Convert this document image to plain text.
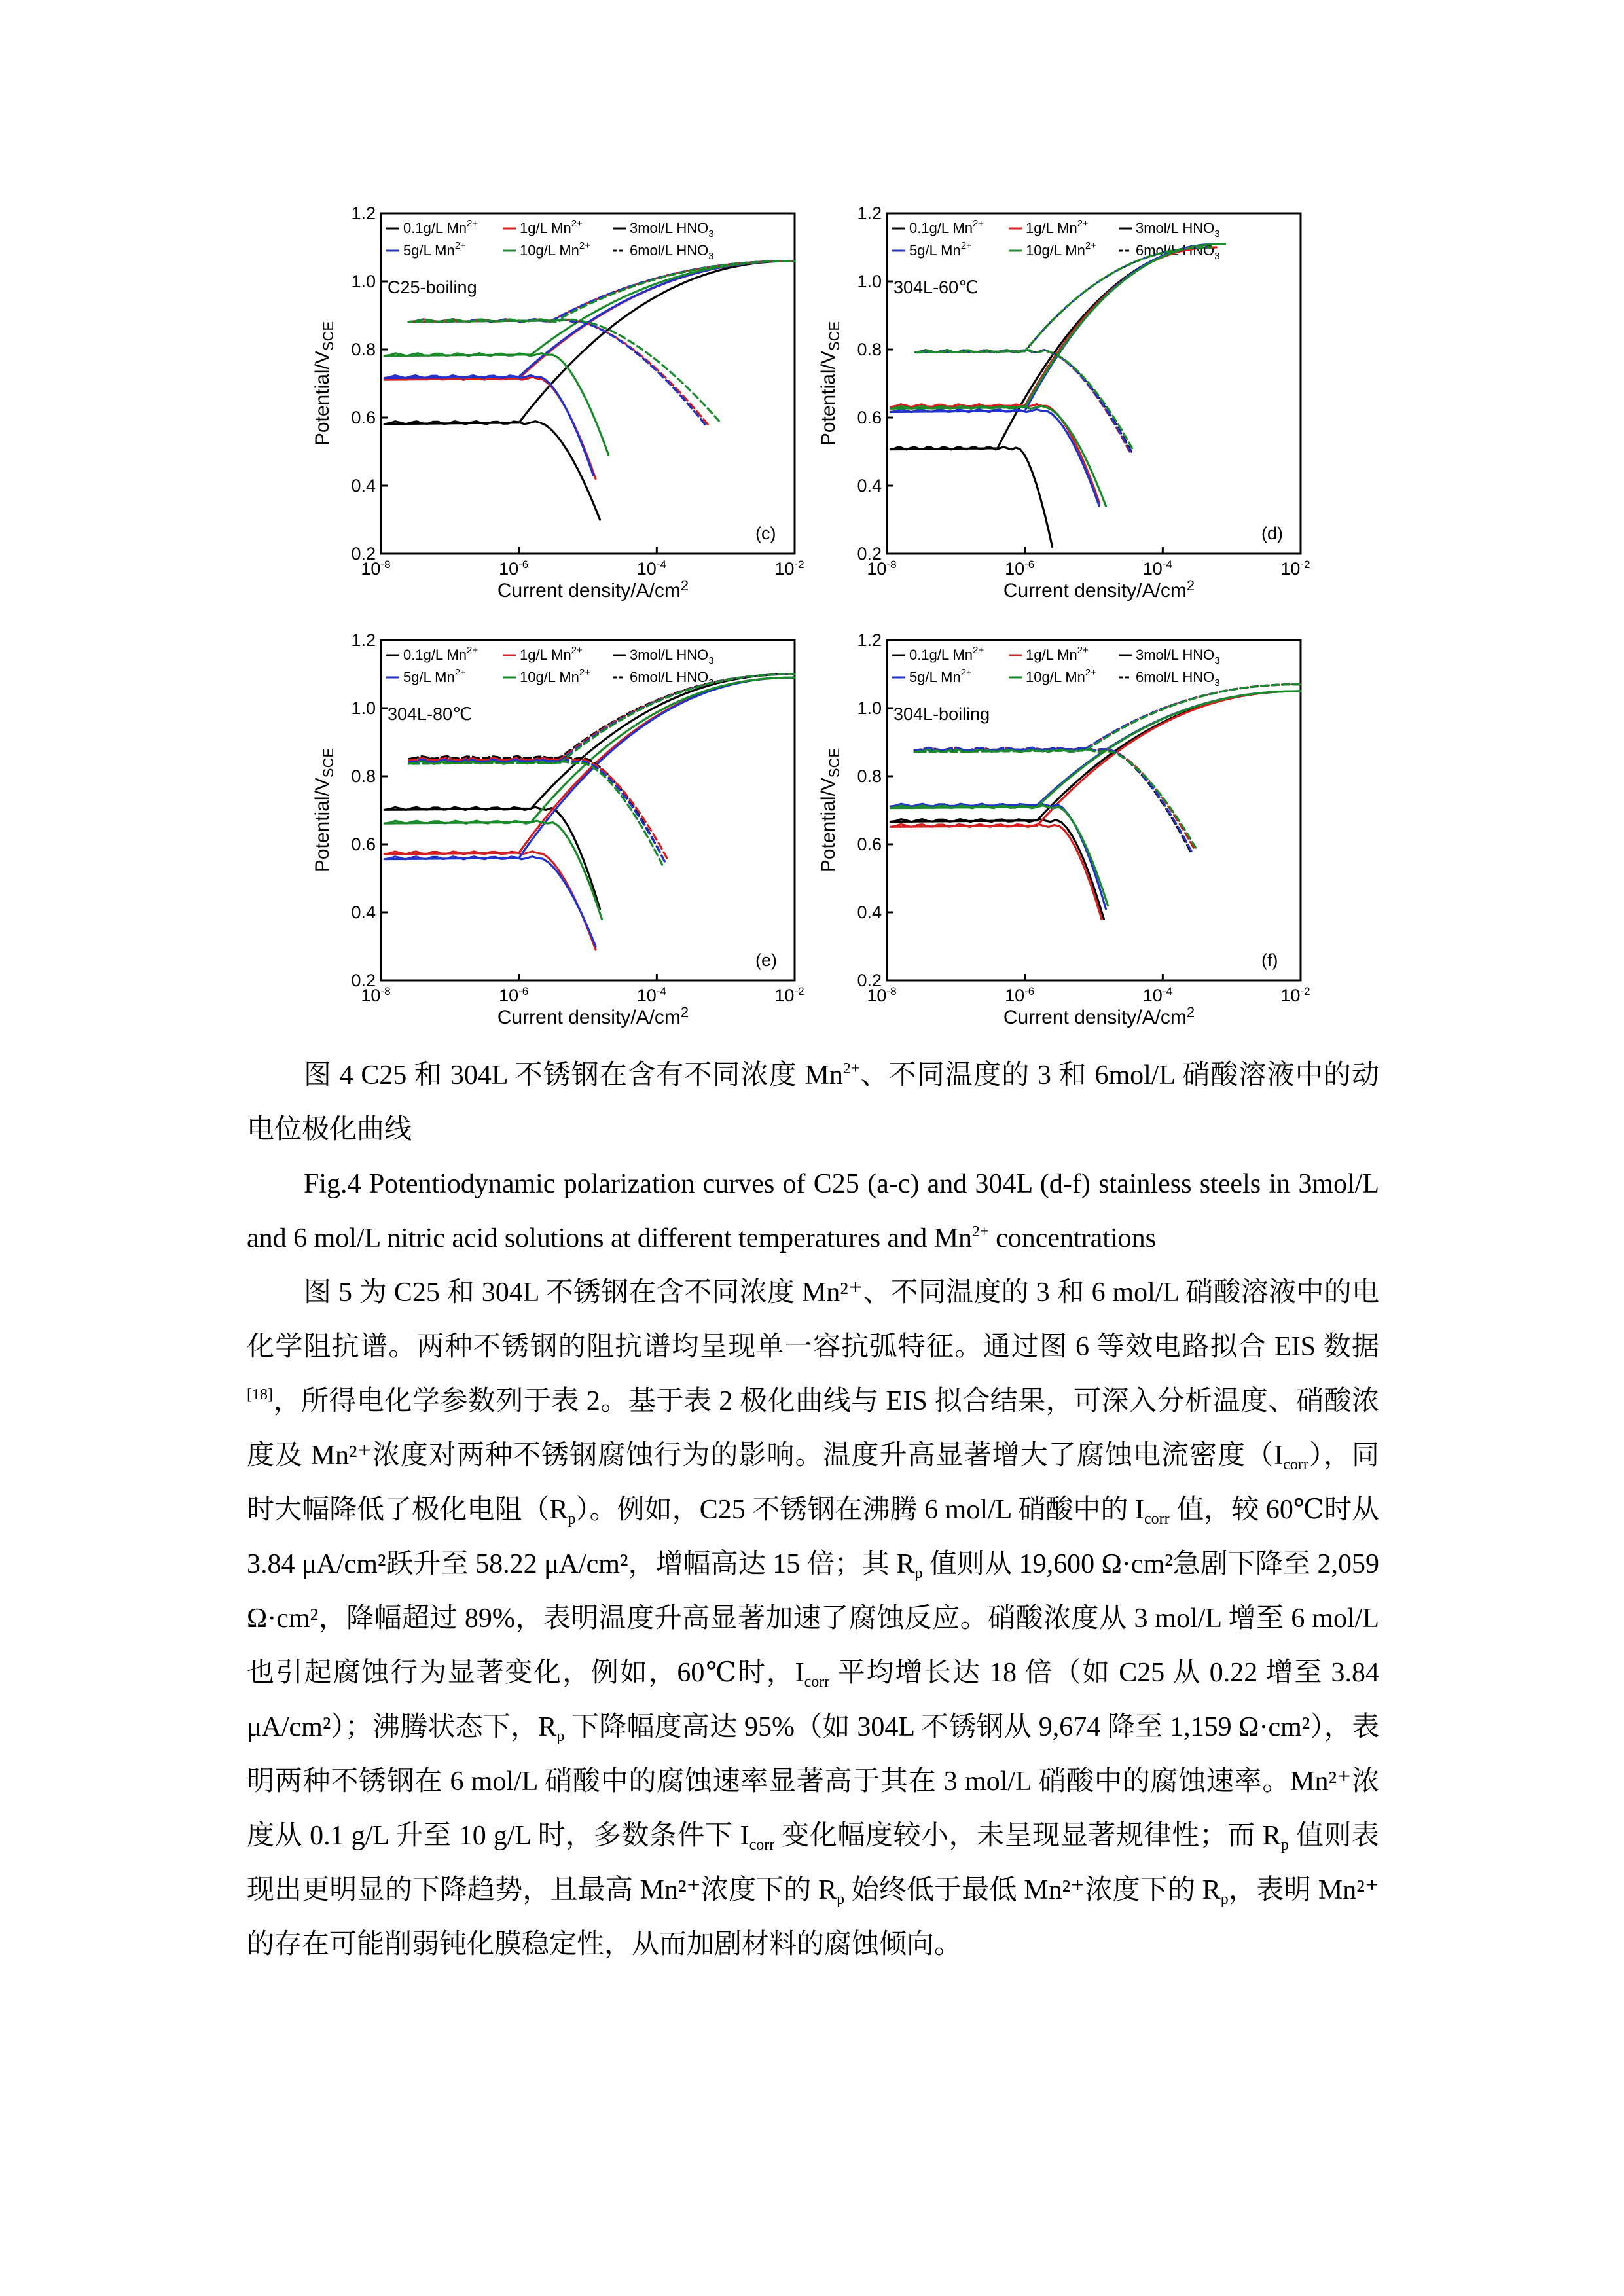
0.2
0.4
0.6
0.8
1.0
1.2
$10^{-8}$	$10^{-6}$	$10^{-4}$	$10^{-2}$
Current density/$A/cm^2$
Potential/$V_{SCE}$
C25-boiling
(c)
0.1g/L $Mn^{2+}$	1g/L $Mn^{2+}$	3mol/L $HNO_3$
5g/L $Mn^{2+}$	10g/L $Mn^{2+}$	6mol/L $HNO_3$
0.2
0.4
0.6
0.8
1.0
1.2
$10^{-8}$	$10^{-6}$	$10^{-4}$	$10^{-2}$
Current density/$A/cm^2$
Potential/$V_{SCE}$
304L-60℃
(d)
0.1g/L $Mn^{2+}$	1g/L $Mn^{2+}$	3mol/L $HNO_3$
5g/L $Mn^{2+}$	10g/L $Mn^{2+}$	6mol/L $HNO_3$
0.2
0.4
0.6
0.8
1.0
1.2
$10^{-8}$	$10^{-6}$	$10^{-4}$	$10^{-2}$
Current density/$A/cm^2$
Potential/$V_{SCE}$
304L-80℃
(e)
0.1g/L $Mn^{2+}$	1g/L $Mn^{2+}$	3mol/L $HNO_3$
5g/L $Mn^{2+}$	10g/L $Mn^{2+}$	6mol/L $HNO_3$
0.2
0.4
0.6
0.8
1.0
1.2
$10^{-8}$	$10^{-6}$	$10^{-4}$	$10^{-2}$
Current density/$A/cm^2$
Potential/$V_{SCE}$
304L-boiling
(f)
0.1g/L $Mn^{2+}$	1g/L $Mn^{2+}$	3mol/L $HNO_3$
5g/L $Mn^{2+}$	10g/L $Mn^{2+}$	6mol/L $HNO_3$
图 4 C25 和 304L 不锈钢在含有不同浓度 $Mn^{2+}$、不同温度的 3 和 6mol/L 硝酸溶液中的动电位极化曲线
Fig.4 Potentiodynamic polarization curves of C25 (a-c) and 304L (d-f) stainless steels in 3mol/L and 6 mol/L nitric acid solutions at different temperatures and $Mn^{2+}$ concentrations
图 5 为 C25 和 304L 不锈钢在含不同浓度 Mn²⁺、不同温度的 3 和 6 mol/L 硝酸溶液中的电化学阻抗谱。两种不锈钢的阻抗谱均呈现单一容抗弧特征。通过图 6 等效电路拟合 EIS 数据[18]，所得电化学参数列于表 2。基于表 2 极化曲线与 EIS 拟合结果，可深入分析温度、硝酸浓度及 Mn²⁺浓度对两种不锈钢腐蚀行为的影响。温度升高显著增大了腐蚀电流密度$(I_{corr})$，同时大幅降低了极化电阻$(R_p)$。例如，C25 不锈钢在沸腾 6 mol/L 硝酸中的 $I_{corr}$ 值，较 60℃时从 3.84 μA/cm²跃升至 58.22 μA/cm²，增幅高达 15 倍；其 $R_p$ 值则从 19,600 Ω·cm²急剧下降至 2,059 Ω·cm²，降幅超过 89%，表明温度升高显著加速了腐蚀反应。硝酸浓度从 3 mol/L 增至 6 mol/L 也引起腐蚀行为显著变化，例如，60℃时，$I_{corr}$ 平均增长达 18 倍（如 C25 从 0.22 增至 3.84 μA/cm²）；沸腾状态下，$R_p$ 下降幅度高达 95%（如 304L 不锈钢从 9,674 降至 1,159 Ω·cm²），表明两种不锈钢在 6 mol/L 硝酸中的腐蚀速率显著高于其在 3 mol/L 硝酸中的腐蚀速率。Mn²⁺浓度从 0.1 g/L 升至 10 g/L 时，多数条件下 $I_{corr}$ 变化幅度较小，未呈现显著规律性；而 $R_p$ 值则表现出更明显的下降趋势，且最高 Mn²⁺浓度下的 $R_p$ 始终低于最低 Mn²⁺浓度下的 $R_p$，表明 Mn²⁺的存在可能削弱钝化膜稳定性，从而加剧材料的腐蚀倾向。
